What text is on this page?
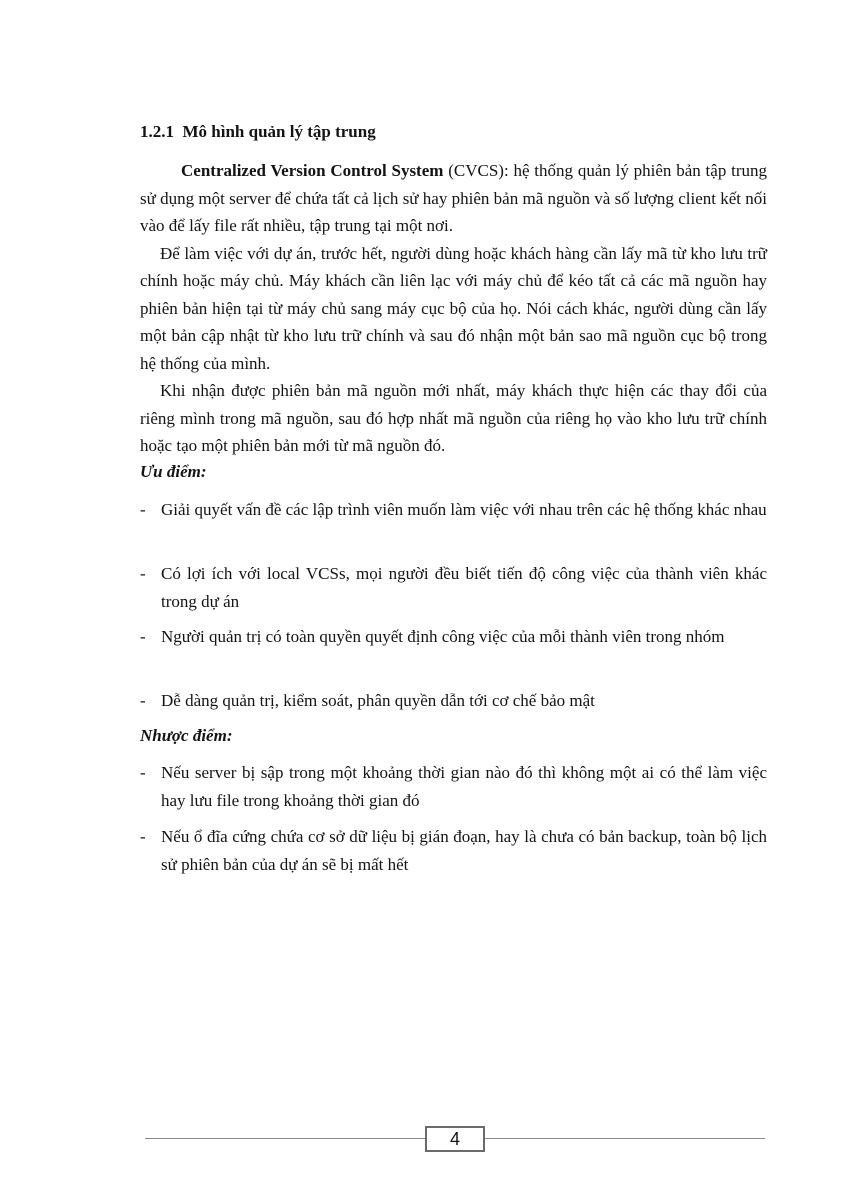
1.2.1  Mô hình quản lý tập trung

Centralized Version Control System (CVCS): hệ thống quản lý phiên bản tập trung sử dụng một server để chứa tất cả lịch sử hay phiên bản mã nguồn và số lượng client kết nối vào để lấy file rất nhiều, tập trung tại một nơi.

Để làm việc với dự án, trước hết, người dùng hoặc khách hàng cần lấy mã từ kho lưu trữ chính hoặc máy chủ. Máy khách cần liên lạc với máy chủ để kéo tất cả các mã nguồn hay phiên bản hiện tại từ máy chủ sang máy cục bộ của họ. Nói cách khác, người dùng cần lấy một bản cập nhật từ kho lưu trữ chính và sau đó nhận một bản sao mã nguồn cục bộ trong hệ thống của mình.

Khi nhận được phiên bản mã nguồn mới nhất, máy khách thực hiện các thay đổi của riêng mình trong mã nguồn, sau đó hợp nhất mã nguồn của riêng họ vào kho lưu trữ chính hoặc tạo một phiên bản mới từ mã nguồn đó.

Ưu điểm:
- Giải quyết vấn đề các lập trình viên muốn làm việc với nhau trên các hệ thống khác nhau
- Có lợi ích với local VCSs, mọi người đều biết tiến độ công việc của thành viên khác trong dự án
- Người quản trị có toàn quyền quyết định công việc của mỗi thành viên trong nhóm
- Dễ dàng quản trị, kiểm soát, phân quyền dẫn tới cơ chế bảo mật
Nhược điểm:
- Nếu server bị sập trong một khoảng thời gian nào đó thì không một ai có thể làm việc hay lưu file trong khoảng thời gian đó
- Nếu ổ đĩa cứng chứa cơ sở dữ liệu bị gián đoạn, hay là chưa có bản backup, toàn bộ lịch sử phiên bản của dự án sẽ bị mất hết
4
